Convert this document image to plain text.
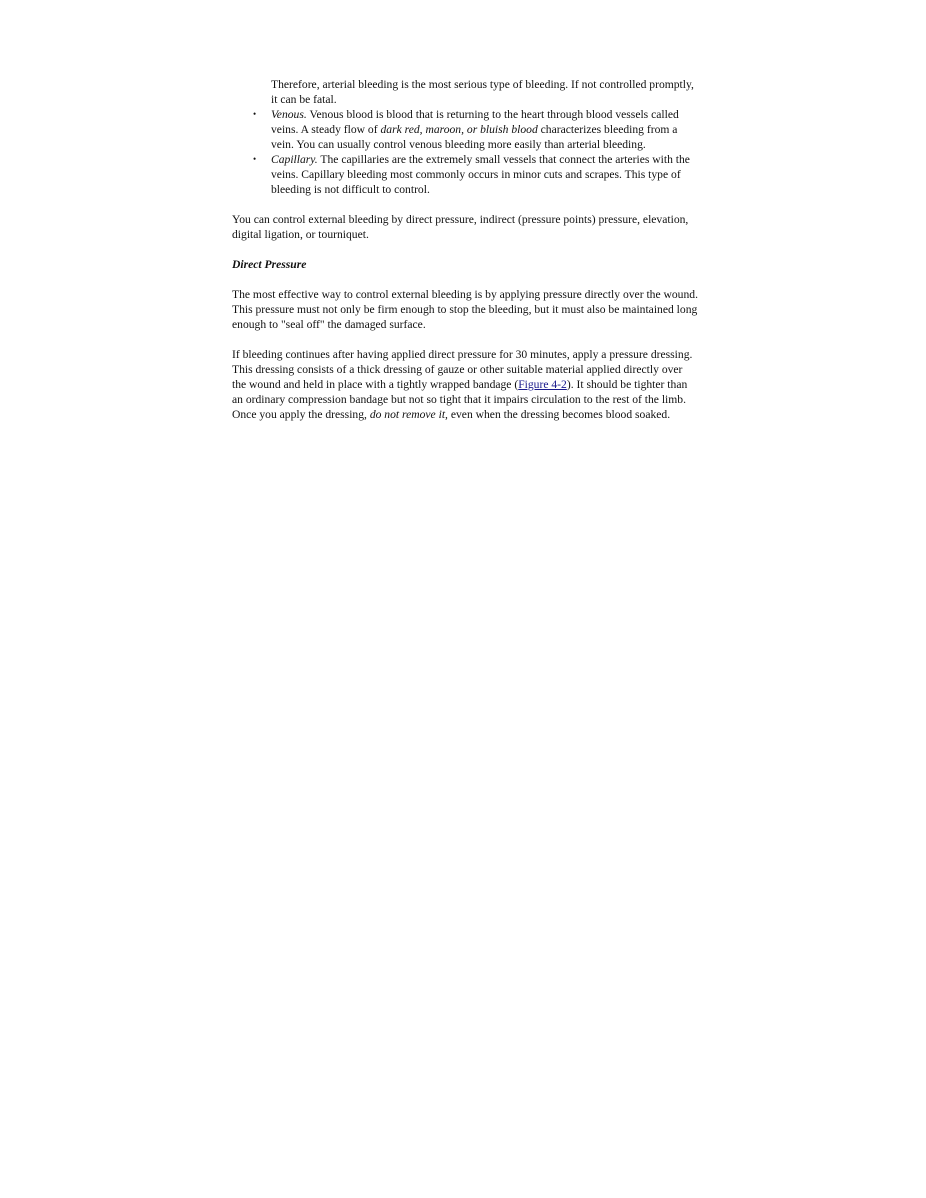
Therefore, arterial bleeding is the most serious type of bleeding. If not controlled promptly, it can be fatal.
• Venous. Venous blood is blood that is returning to the heart through blood vessels called veins. A steady flow of dark red, maroon, or bluish blood characterizes bleeding from a vein. You can usually control venous bleeding more easily than arterial bleeding.
• Capillary. The capillaries are the extremely small vessels that connect the arteries with the veins. Capillary bleeding most commonly occurs in minor cuts and scrapes. This type of bleeding is not difficult to control.

You can control external bleeding by direct pressure, indirect (pressure points) pressure, elevation, digital ligation, or tourniquet.

Direct Pressure

The most effective way to control external bleeding is by applying pressure directly over the wound. This pressure must not only be firm enough to stop the bleeding, but it must also be maintained long enough to "seal off" the damaged surface.

If bleeding continues after having applied direct pressure for 30 minutes, apply a pressure dressing. This dressing consists of a thick dressing of gauze or other suitable material applied directly over the wound and held in place with a tightly wrapped bandage (Figure 4-2). It should be tighter than an ordinary compression bandage but not so tight that it impairs circulation to the rest of the limb. Once you apply the dressing, do not remove it, even when the dressing becomes blood soaked.
